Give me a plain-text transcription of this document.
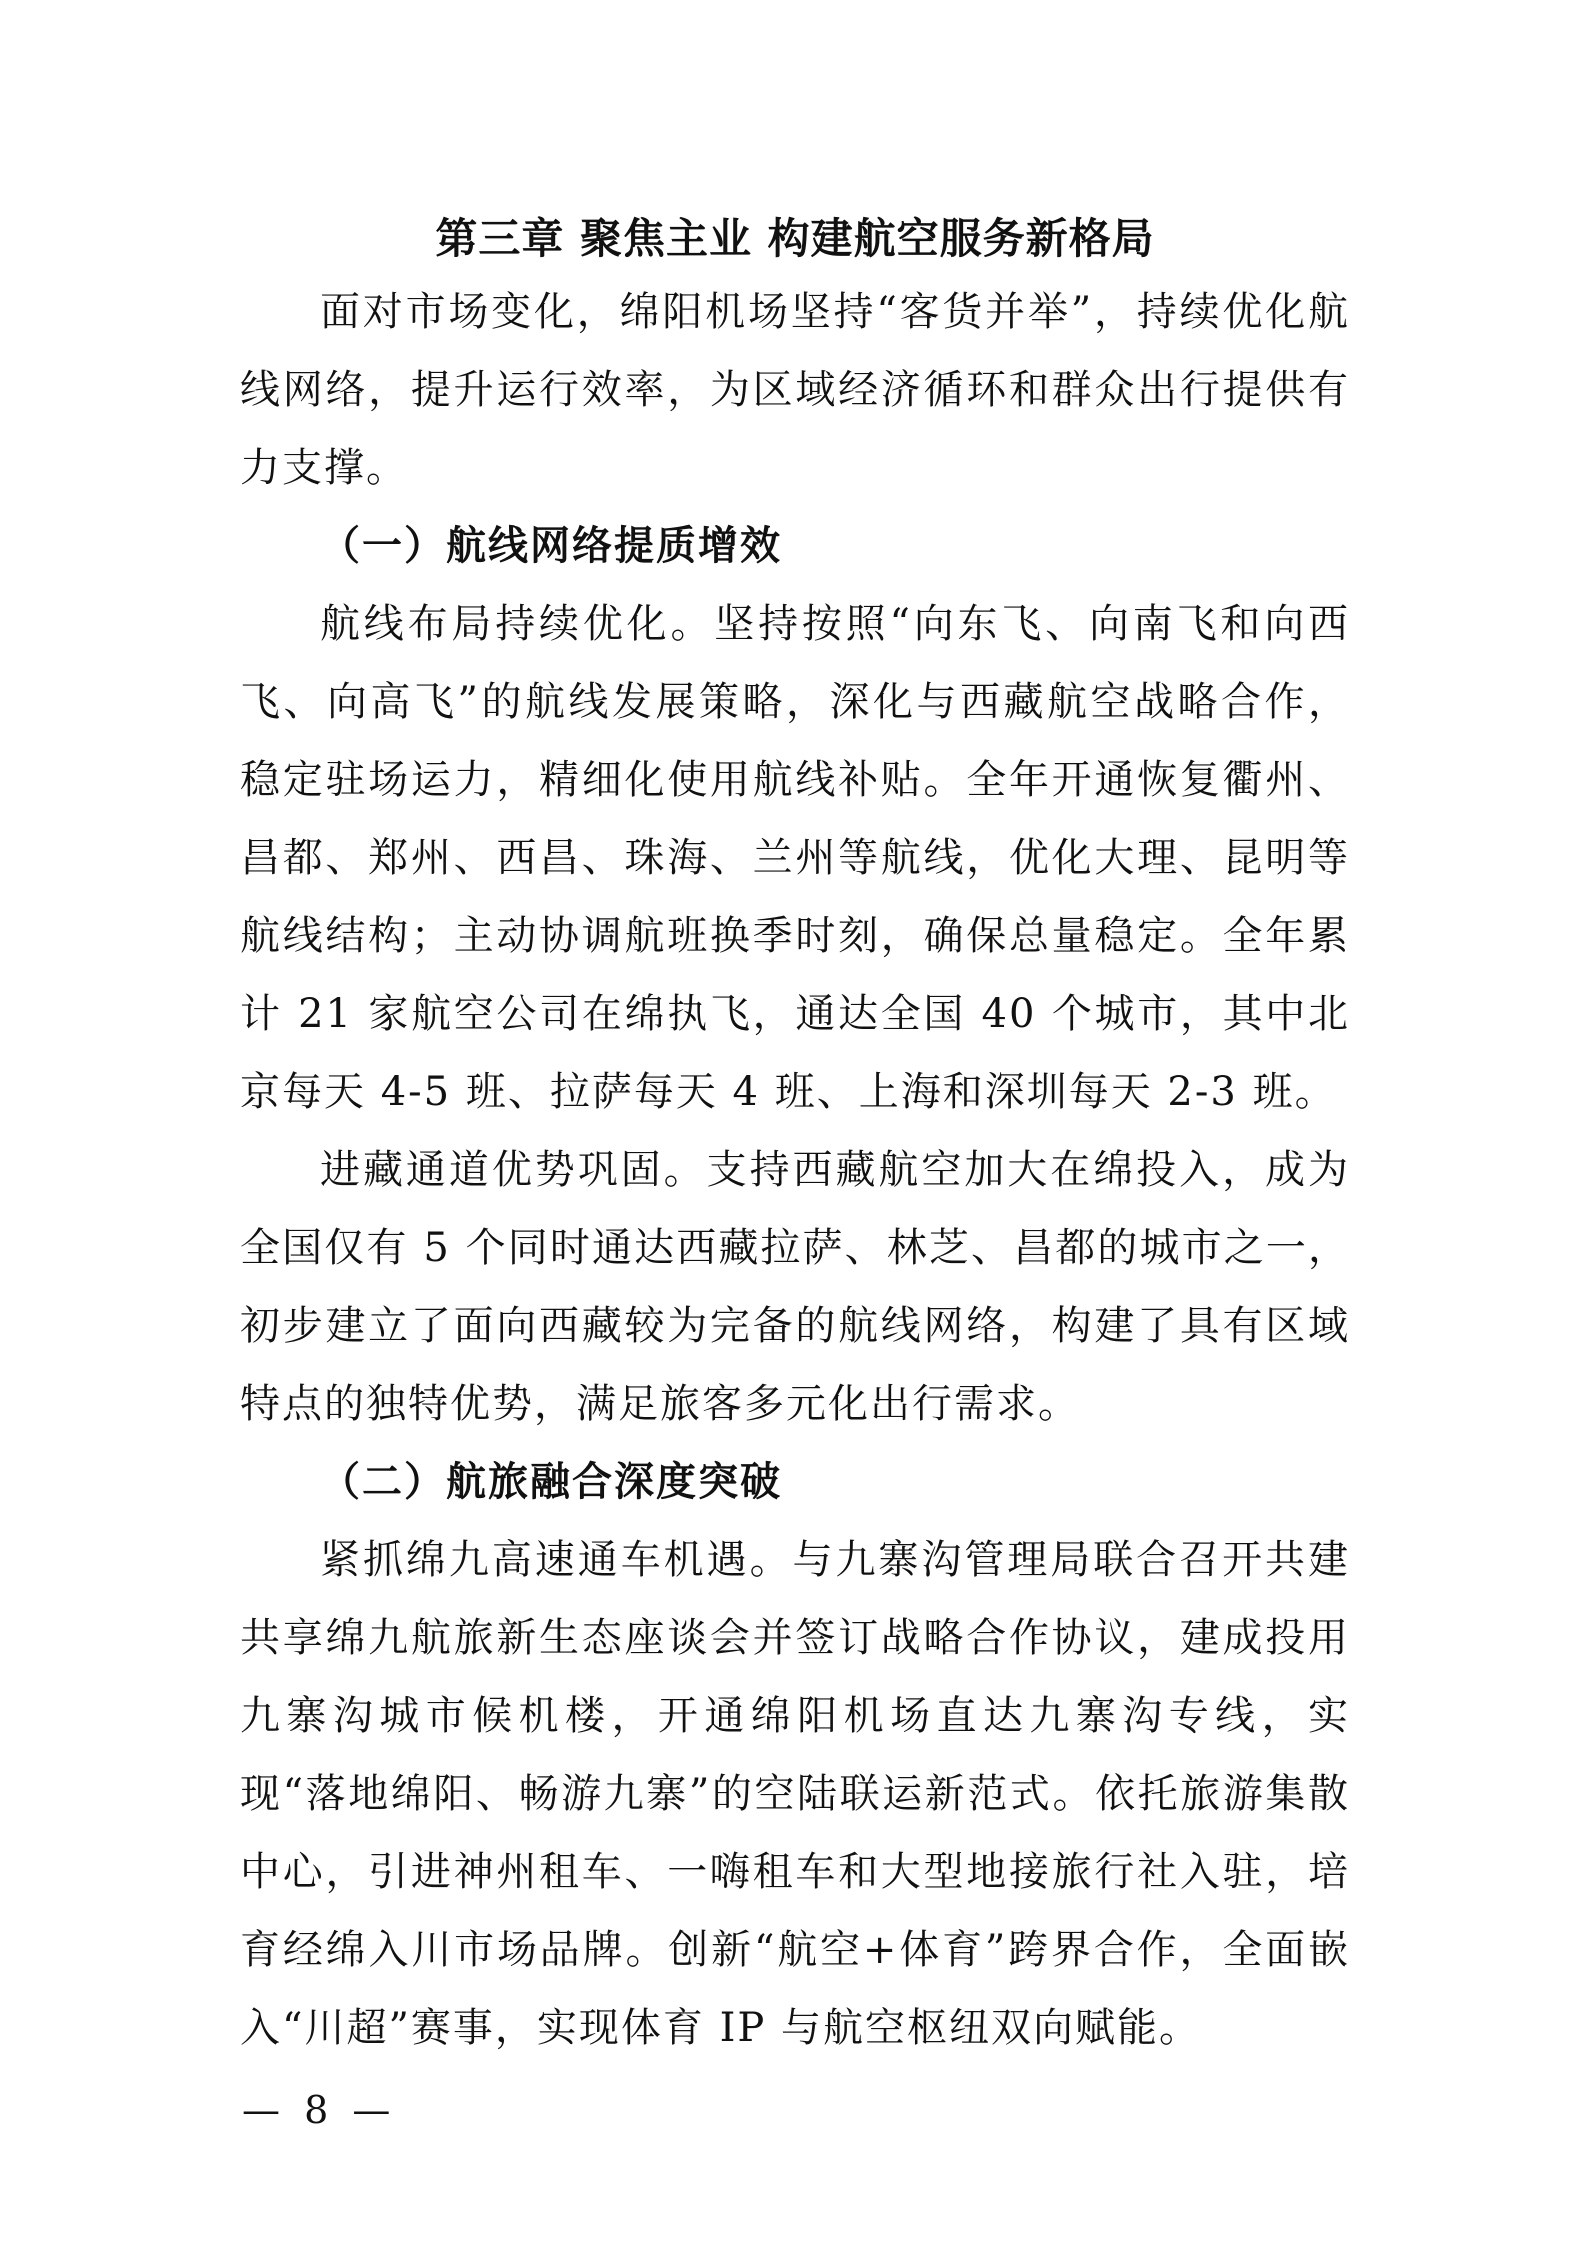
第三章 聚焦主业 构建航空服务新格局

面对市场变化，绵阳机场坚持“客货并举”，持续优化航线网络，提升运行效率，为区域经济循环和群众出行提供有力支撑。

（一）航线网络提质增效

航线布局持续优化。坚持按照“向东飞、向南飞和向西飞、向高飞”的航线发展策略，深化与西藏航空战略合作，稳定驻场运力，精细化使用航线补贴。全年开通恢复衢州、昌都、郑州、西昌、珠海、兰州等航线，优化大理、昆明等航线结构；主动协调航班换季时刻，确保总量稳定。全年累计 21 家航空公司在绵执飞，通达全国 40 个城市，其中北京每天 4-5 班、拉萨每天 4 班、上海和深圳每天 2-3 班。

进藏通道优势巩固。支持西藏航空加大在绵投入，成为全国仅有 5 个同时通达西藏拉萨、林芝、昌都的城市之一，初步建立了面向西藏较为完备的航线网络，构建了具有区域特点的独特优势，满足旅客多元化出行需求。

（二）航旅融合深度突破

紧抓绵九高速通车机遇。与九寨沟管理局联合召开共建共享绵九航旅新生态座谈会并签订战略合作协议，建成投用九寨沟城市候机楼，开通绵阳机场直达九寨沟专线，实现“落地绵阳、畅游九寨”的空陆联运新范式。依托旅游集散中心，引进神州租车、一嗨租车和大型地接旅行社入驻，培育经绵入川市场品牌。创新“航空+体育”跨界合作，全面嵌入“川超”赛事，实现体育 IP 与航空枢纽双向赋能。

— 8 —
